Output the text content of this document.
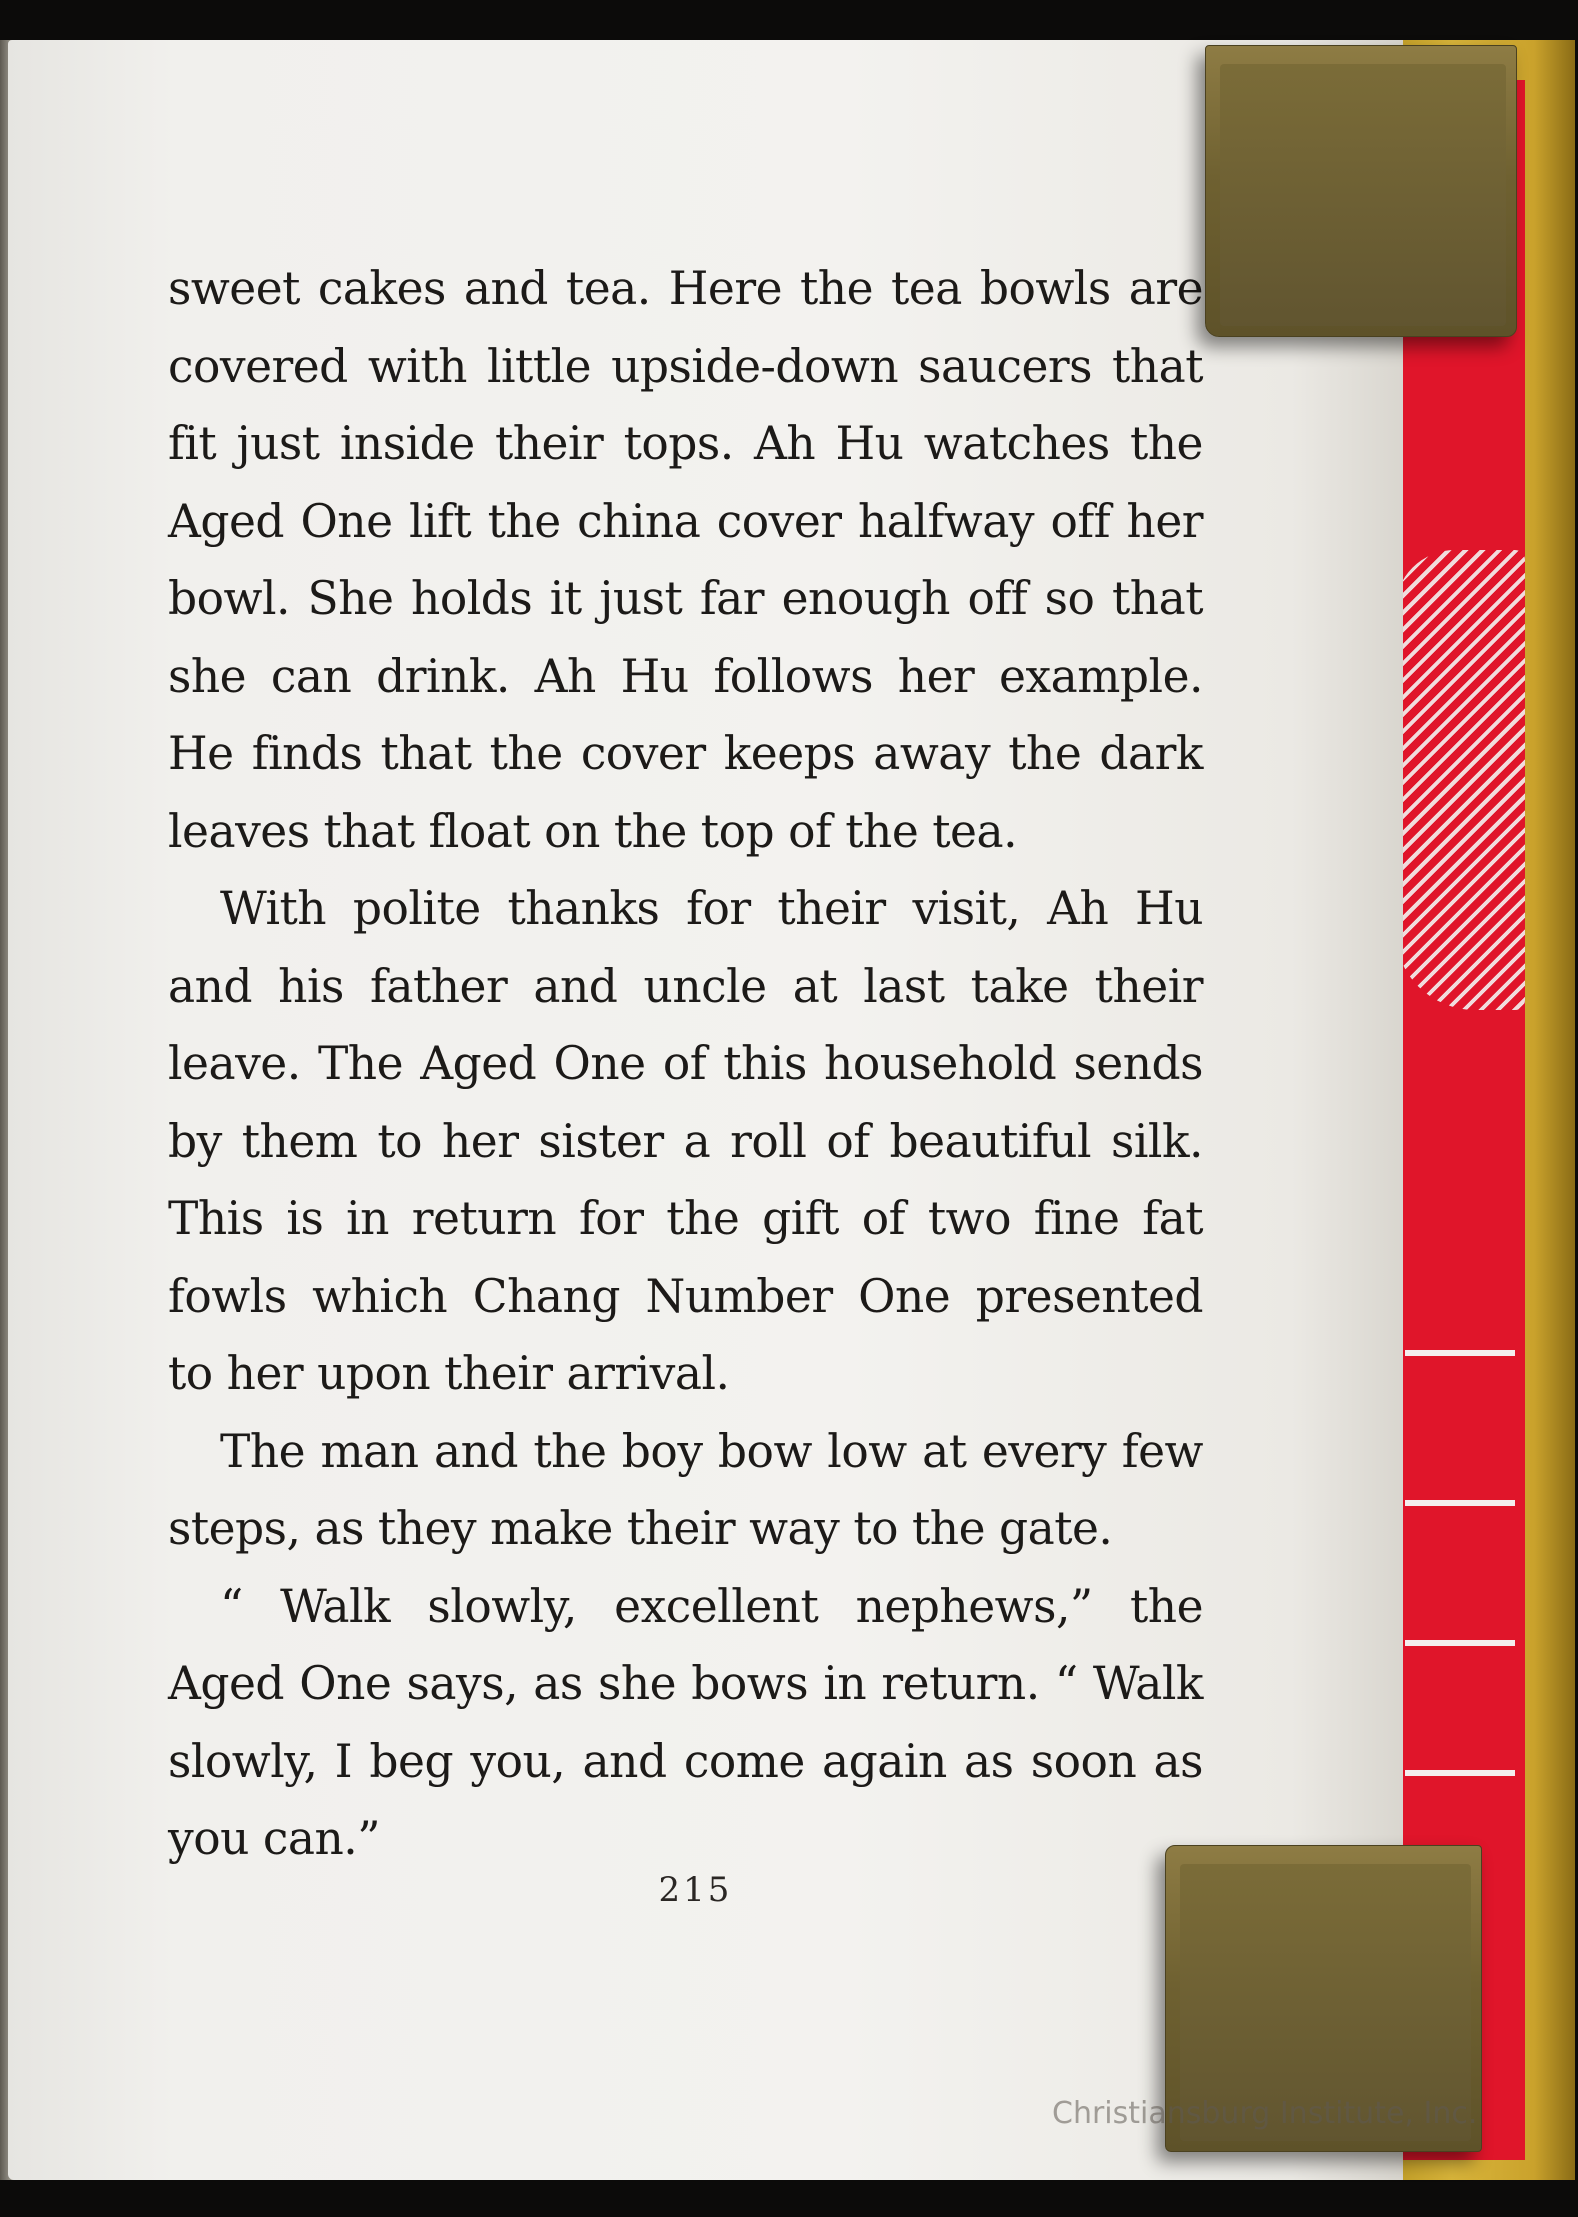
sweet cakes and tea. Here the tea bowls are covered with little upside-down saucers that fit just inside their tops. Ah Hu watches the Aged One lift the china cover halfway off her bowl. She holds it just far enough off so that she can drink. Ah Hu follows her example. He finds that the cover keeps away the dark leaves that float on the top of the tea.

With polite thanks for their visit, Ah Hu and his father and uncle at last take their leave. The Aged One of this household sends by them to her sister a roll of beautiful silk. This is in return for the gift of two fine fat fowls which Chang Number One presented to her upon their arrival.

The man and the boy bow low at every few steps, as they make their way to the gate.

“ Walk slowly, excellent nephews,” the Aged One says, as she bows in return. “ Walk slowly, I beg you, and come again as soon as you can.”

215
Christiansburg Institute, Inc.
